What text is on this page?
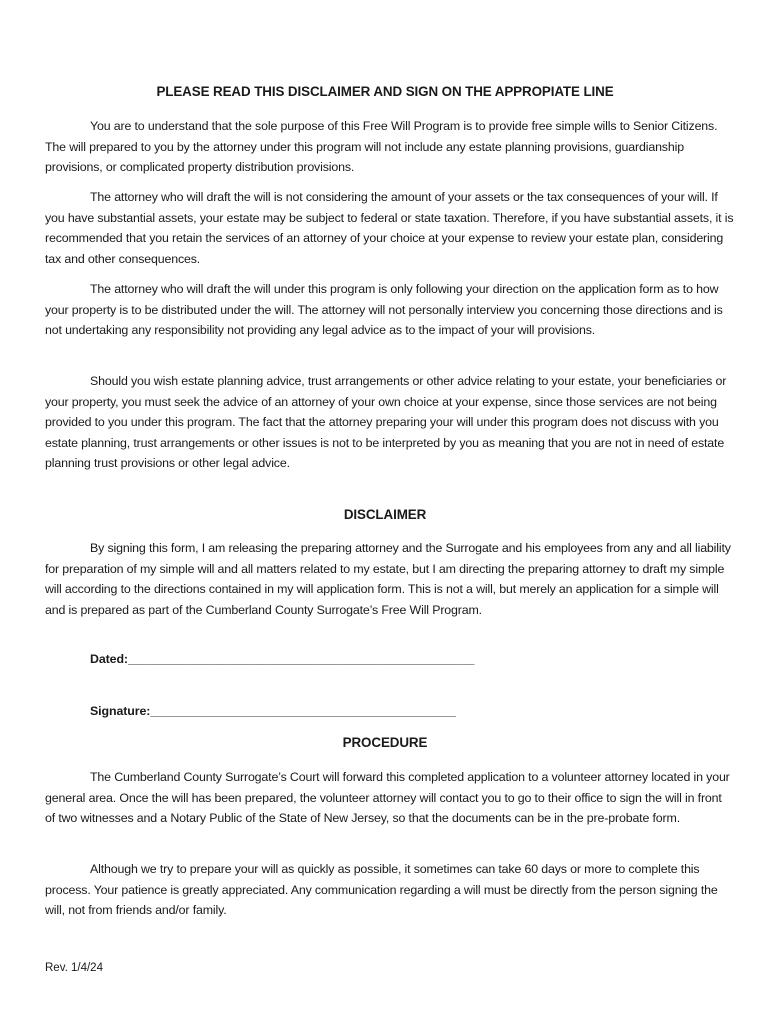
PLEASE READ THIS DISCLAIMER AND SIGN ON THE APPROPIATE LINE

You are to understand that the sole purpose of this Free Will Program is to provide free simple wills to Senior Citizens. The will prepared to you by the attorney under this program will not include any estate planning provisions, guardianship provisions, or complicated property distribution provisions.

The attorney who will draft the will is not considering the amount of your assets or the tax consequences of your will. If you have substantial assets, your estate may be subject to federal or state taxation. Therefore, if you have substantial assets, it is recommended that you retain the services of an attorney of your choice at your expense to review your estate plan, considering tax and other consequences.

The attorney who will draft the will under this program is only following your direction on the application form as to how your property is to be distributed under the will. The attorney will not personally interview you concerning those directions and is not undertaking any responsibility not providing any legal advice as to the impact of your will provisions.

Should you wish estate planning advice, trust arrangements or other advice relating to your estate, your beneficiaries or your property, you must seek the advice of an attorney of your own choice at your expense, since those services are not being provided to you under this program. The fact that the attorney preparing your will under this program does not discuss with you estate planning, trust arrangements or other issues is not to be interpreted by you as meaning that you are not in need of estate planning trust provisions or other legal advice.

DISCLAIMER

By signing this form, I am releasing the preparing attorney and the Surrogate and his employees from any and all liability for preparation of my simple will and all matters related to my estate, but I am directing the preparing attorney to draft my simple will according to the directions contained in my will application form. This is not a will, but merely an application for a simple will and is prepared as part of the Cumberland County Surrogate’s Free Will Program.

Dated:___________________________________________________

Signature:_____________________________________________

PROCEDURE

The Cumberland County Surrogate’s Court will forward this completed application to a volunteer attorney located in your general area. Once the will has been prepared, the volunteer attorney will contact you to go to their office to sign the will in front of two witnesses and a Notary Public of the State of New Jersey, so that the documents can be in the pre-probate form.

Although we try to prepare your will as quickly as possible, it sometimes can take 60 days or more to complete this process. Your patience is greatly appreciated. Any communication regarding a will must be directly from the person signing the will, not from friends and/or family.

Rev. 1/4/24
